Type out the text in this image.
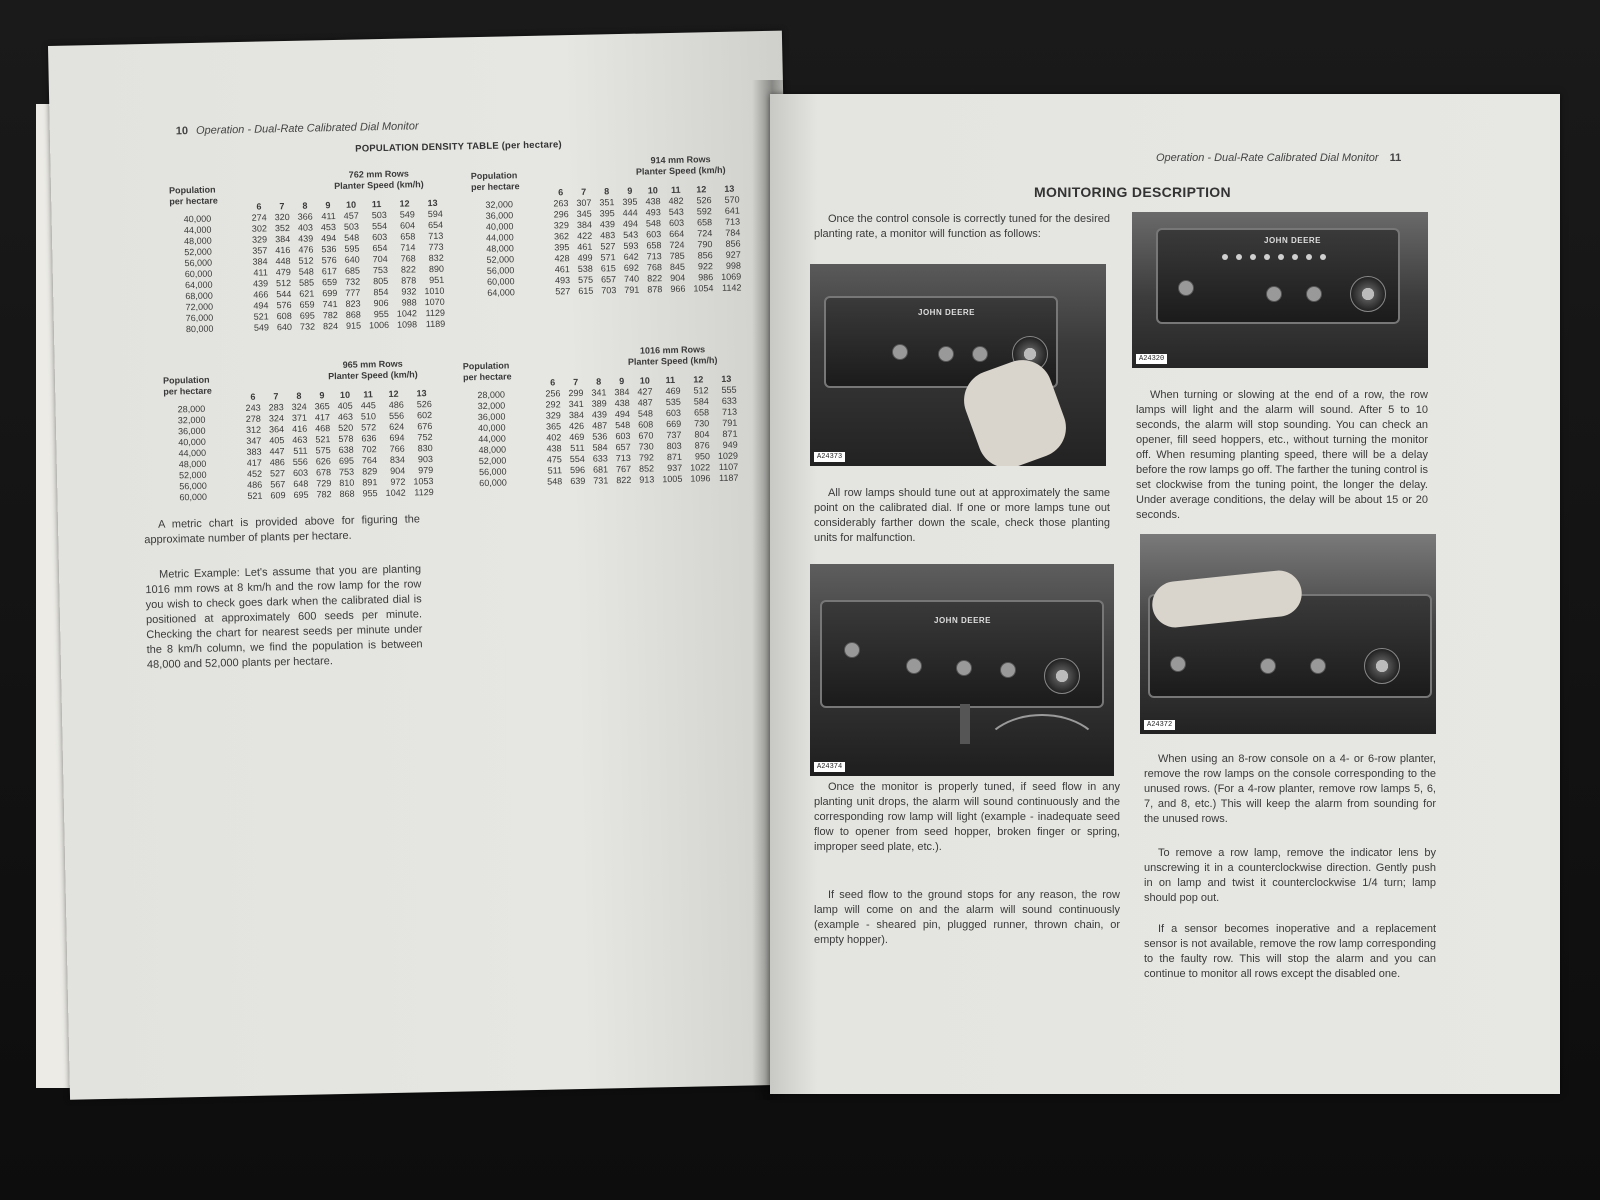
10 Operation - Dual-Rate Calibrated Dial Monitor
POPULATION DENSITY TABLE (per hectare)
762 mm Rows
Planter Speed (km/h)
Population
per hectare
	6	7	8	9	10	11	12	13
40,000	274	320	366	411	457	503	549	594
44,000	302	352	403	453	503	554	604	654
48,000	329	384	439	494	548	603	658	713
52,000	357	416	476	536	595	654	714	773
56,000	384	448	512	576	640	704	768	832
60,000	411	479	548	617	685	753	822	890
64,000	439	512	585	659	732	805	878	951
68,000	466	544	621	699	777	854	932	1010
72,000	494	576	659	741	823	906	988	1070
76,000	521	608	695	782	868	955	1042	1129
80,000	549	640	732	824	915	1006	1098	1189
914 mm Rows
Planter Speed (km/h)
Population
per hectare
	6	7	8	9	10	11	12	13
32,000	263	307	351	395	438	482	526	570
36,000	296	345	395	444	493	543	592	641
40,000	329	384	439	494	548	603	658	713
44,000	362	422	483	543	603	664	724	784
48,000	395	461	527	593	658	724	790	856
52,000	428	499	571	642	713	785	856	927
56,000	461	538	615	692	768	845	922	998
60,000	493	575	657	740	822	904	986	1069
64,000	527	615	703	791	878	966	1054	1142
965 mm Rows
Planter Speed (km/h)
Population
per hectare
	6	7	8	9	10	11	12	13
28,000	243	283	324	365	405	445	486	526
32,000	278	324	371	417	463	510	556	602
36,000	312	364	416	468	520	572	624	676
40,000	347	405	463	521	578	636	694	752
44,000	383	447	511	575	638	702	766	830
48,000	417	486	556	626	695	764	834	903
52,000	452	527	603	678	753	829	904	979
56,000	486	567	648	729	810	891	972	1053
60,000	521	609	695	782	868	955	1042	1129
1016 mm Rows
Planter Speed (km/h)
Population
per hectare
	6	7	8	9	10	11	12	13
28,000	256	299	341	384	427	469	512	555
32,000	292	341	389	438	487	535	584	633
36,000	329	384	439	494	548	603	658	713
40,000	365	426	487	548	608	669	730	791
44,000	402	469	536	603	670	737	804	871
48,000	438	511	584	657	730	803	876	949
52,000	475	554	633	713	792	871	950	1029
56,000	511	596	681	767	852	937	1022	1107
60,000	548	639	731	822	913	1005	1096	1187
A metric chart is provided above for figuring the approximate number of plants per hectare.
Metric Example: Let's assume that you are planting 1016 mm rows at 8 km/h and the row lamp for the row you wish to check goes dark when the calibrated dial is positioned at approximately 600 seeds per minute. Checking the chart for nearest seeds per minute under the 8 km/h column, we find the population is between 48,000 and 52,000 plants per hectare.
Operation - Dual-Rate Calibrated Dial Monitor 11
MONITORING DESCRIPTION
Once the control console is correctly tuned for the desired planting rate, a monitor will function as follows:
JOHN DEERE
A24373
JOHN DEERE
A24320
All row lamps should tune out at approximately the same point on the calibrated dial. If one or more lamps tune out considerably farther down the scale, check those planting units for malfunction.
When turning or slowing at the end of a row, the row lamps will light and the alarm will sound. After 5 to 10 seconds, the alarm will stop sounding. You can check an opener, fill seed hoppers, etc., without turning the monitor off. When resuming planting speed, there will be a delay before the row lamps go off. The farther the tuning control is set clockwise from the tuning point, the longer the delay. Under average conditions, the delay will be about 15 or 20 seconds.
JOHN DEERE
A24374
A24372
Once the monitor is properly tuned, if seed flow in any planting unit drops, the alarm will sound continuously and the corresponding row lamp will light (example - inadequate seed flow to opener from seed hopper, broken finger or spring, improper seed plate, etc.).
If seed flow to the ground stops for any reason, the row lamp will come on and the alarm will sound continuously (example - sheared pin, plugged runner, thrown chain, or empty hopper).
When using an 8-row console on a 4- or 6-row planter, remove the row lamps on the console corresponding to the unused rows. (For a 4-row planter, remove row lamps 5, 6, 7, and 8, etc.) This will keep the alarm from sounding for the unused rows.
To remove a row lamp, remove the indicator lens by unscrewing it in a counterclockwise direction. Gently push in on lamp and twist it counterclockwise 1/4 turn; lamp should pop out.
If a sensor becomes inoperative and a replacement sensor is not available, remove the row lamp corresponding to the faulty row. This will stop the alarm and you can continue to monitor all rows except the disabled one.
